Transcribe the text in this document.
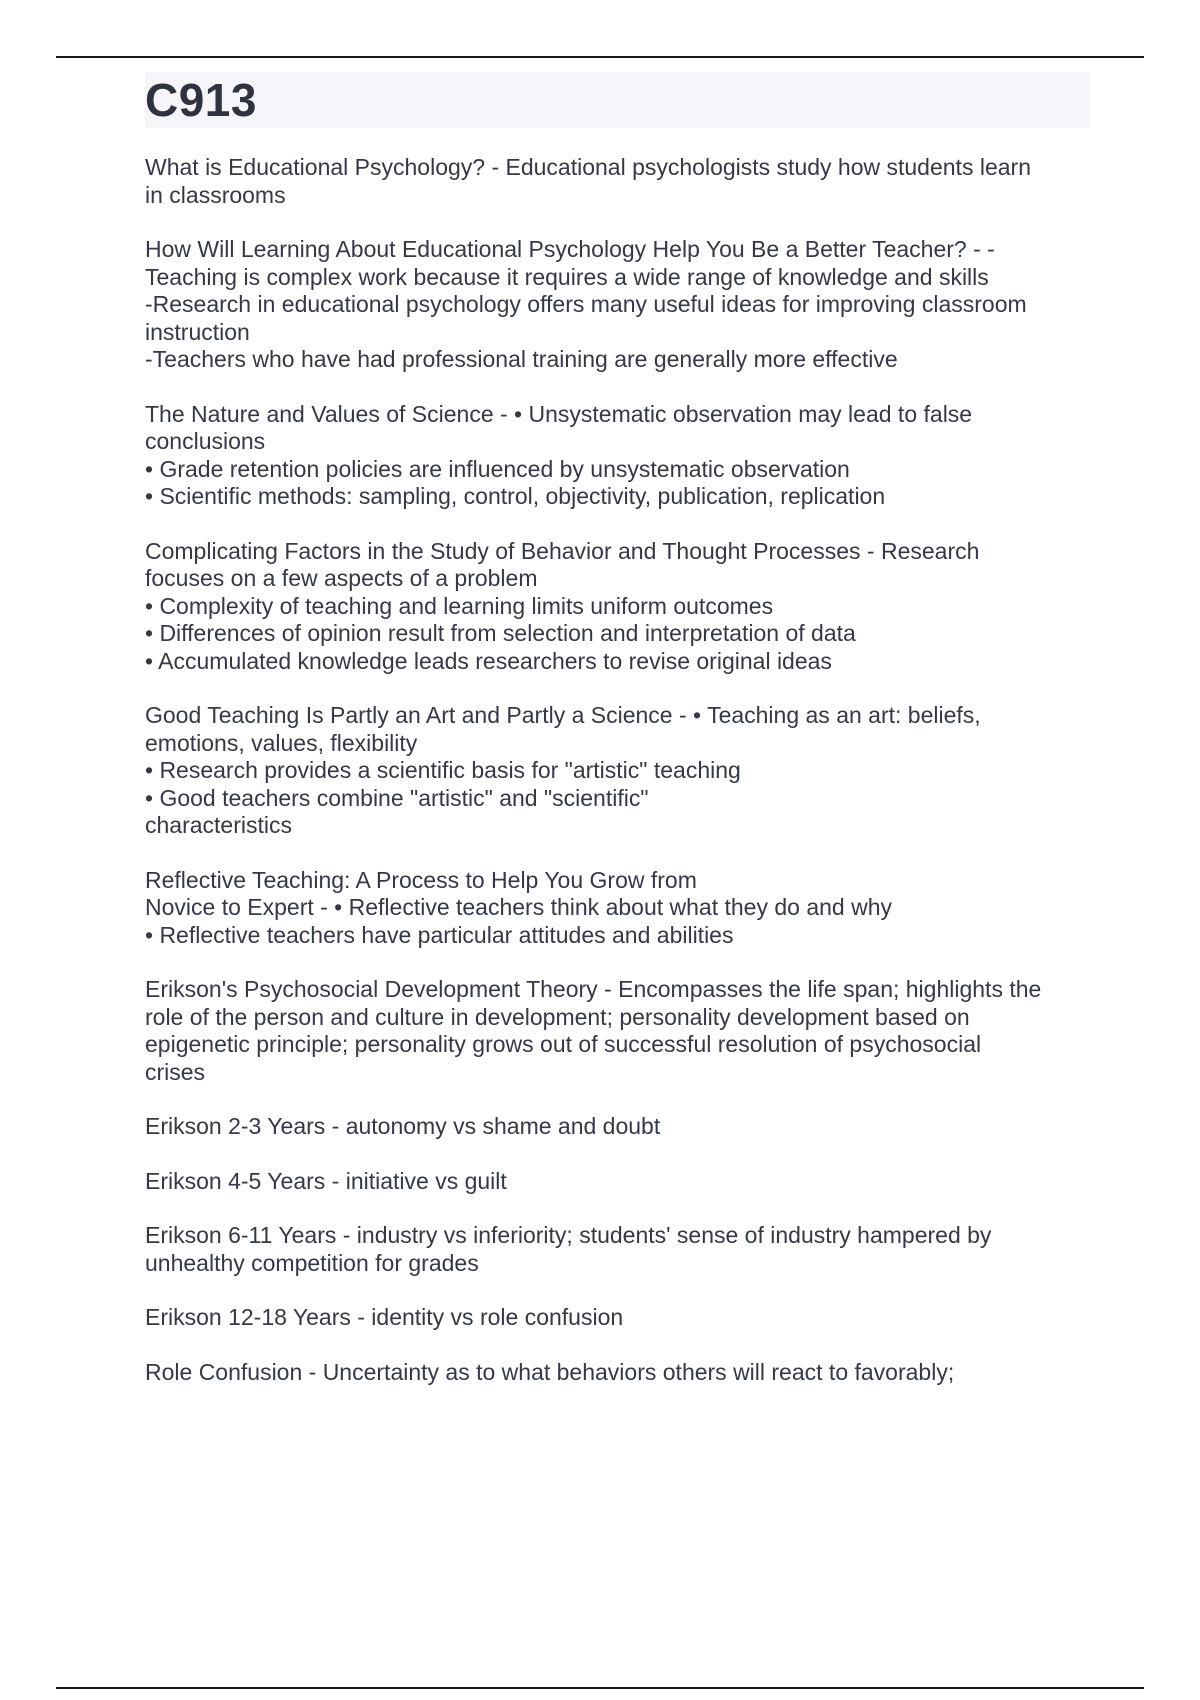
C913

What is Educational Psychology? - Educational psychologists study how students learn
in classrooms

How Will Learning About Educational Psychology Help You Be a Better Teacher? - -
Teaching is complex work because it requires a wide range of knowledge and skills
-Research in educational psychology offers many useful ideas for improving classroom
instruction
-Teachers who have had professional training are generally more effective

The Nature and Values of Science - • Unsystematic observation may lead to false
conclusions
• Grade retention policies are influenced by unsystematic observation
• Scientific methods: sampling, control, objectivity, publication, replication

Complicating Factors in the Study of Behavior and Thought Processes - Research
focuses on a few aspects of a problem
• Complexity of teaching and learning limits uniform outcomes
• Differences of opinion result from selection and interpretation of data
• Accumulated knowledge leads researchers to revise original ideas

Good Teaching Is Partly an Art and Partly a Science - • Teaching as an art: beliefs,
emotions, values, flexibility
• Research provides a scientific basis for "artistic" teaching
• Good teachers combine "artistic" and "scientific"
characteristics

Reflective Teaching: A Process to Help You Grow from
Novice to Expert - • Reflective teachers think about what they do and why
• Reflective teachers have particular attitudes and abilities

Erikson's Psychosocial Development Theory - Encompasses the life span; highlights the
role of the person and culture in development; personality development based on
epigenetic principle; personality grows out of successful resolution of psychosocial
crises

Erikson 2-3 Years - autonomy vs shame and doubt

Erikson 4-5 Years - initiative vs guilt

Erikson 6-11 Years - industry vs inferiority; students' sense of industry hampered by
unhealthy competition for grades

Erikson 12-18 Years - identity vs role confusion

Role Confusion - Uncertainty as to what behaviors others will react to favorably;
